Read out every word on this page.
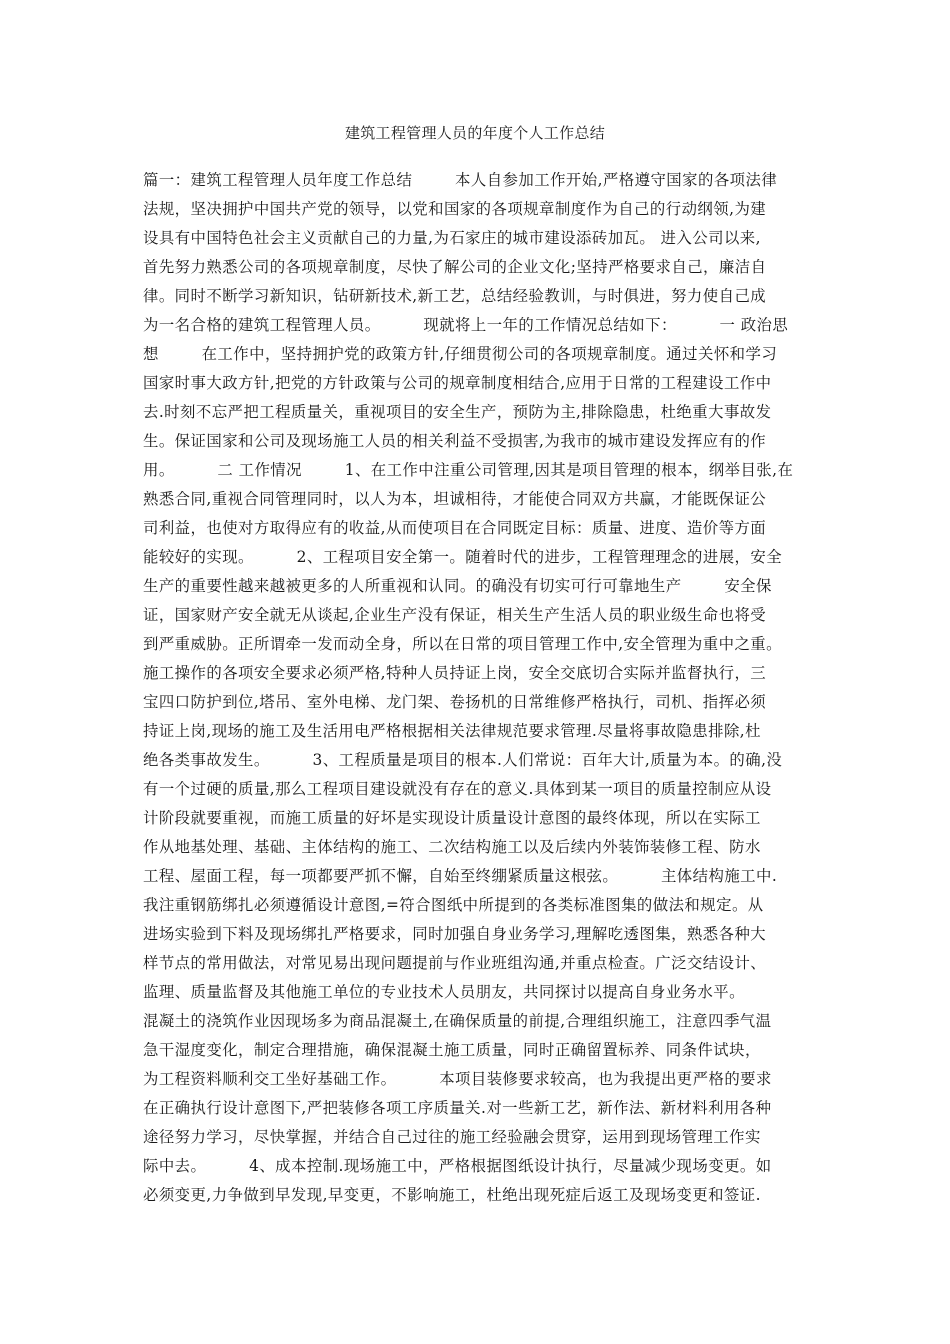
建筑工程管理人员的年度个人工作总结
篇一：建筑工程管理人员年度工作总结        本人自参加工作开始,严格遵守国家的各项法律
法规，坚决拥护中国共产党的领导，以党和国家的各项规章制度作为自己的行动纲领,为建
设具有中国特色社会主义贡献自己的力量,为石家庄的城市建设添砖加瓦。 进入公司以来,
首先努力熟悉公司的各项规章制度，尽快了解公司的企业文化;坚持严格要求自己，廉洁自
律。同时不断学习新知识，钻研新技术,新工艺，总结经验教训，与时俱进，努力使自己成
为一名合格的建筑工程管理人员。        现就将上一年的工作情况总结如下：        一 政治思
想        在工作中，坚持拥护党的政策方针,仔细贯彻公司的各项规章制度。通过关怀和学习
国家时事大政方针,把党的方针政策与公司的规章制度相结合,应用于日常的工程建设工作中
去.时刻不忘严把工程质量关，重视项目的安全生产，预防为主,排除隐患，杜绝重大事故发
生。保证国家和公司及现场施工人员的相关利益不受损害,为我市的城市建设发挥应有的作
用。        二 工作情况        1、在工作中注重公司管理,因其是项目管理的根本，纲举目张,在
熟悉合同,重视合同管理同时，以人为本，坦诚相待，才能使合同双方共赢，才能既保证公
司利益，也使对方取得应有的收益,从而使项目在合同既定目标：质量、进度、造价等方面
能较好的实现。        2、工程项目安全第一。随着时代的进步，工程管理理念的进展，安全
生产的重要性越来越被更多的人所重视和认同。的确没有切实可行可靠地生产        安全保
证，国家财产安全就无从谈起,企业生产没有保证，相关生产生活人员的职业级生命也将受
到严重威胁。正所谓牵一发而动全身，所以在日常的项目管理工作中,安全管理为重中之重。
施工操作的各项安全要求必须严格,特种人员持证上岗，安全交底切合实际并监督执行，三
宝四口防护到位,塔吊、室外电梯、龙门架、卷扬机的日常维修严格执行，司机、指挥必须
持证上岗,现场的施工及生活用电严格根据相关法律规范要求管理.尽量将事故隐患排除,杜
绝各类事故发生。        3、工程质量是项目的根本.人们常说：百年大计,质量为本。的确,没
有一个过硬的质量,那么工程项目建设就没有存在的意义.具体到某一项目的质量控制应从设
计阶段就要重视，而施工质量的好坏是实现设计质量设计意图的最终体现，所以在实际工
作从地基处理、基础、主体结构的施工、二次结构施工以及后续内外装饰装修工程、防水
工程、屋面工程，每一项都要严抓不懈，自始至终绷紧质量这根弦。        主体结构施工中.
我注重钢筋绑扎必须遵循设计意图,=符合图纸中所提到的各类标准图集的做法和规定。从
进场实验到下料及现场绑扎严格要求，同时加强自身业务学习,理解吃透图集，熟悉各种大
样节点的常用做法，对常见易出现问题提前与作业班组沟通,并重点检查。广泛交结设计、
监理、质量监督及其他施工单位的专业技术人员朋友，共同探讨以提高自身业务水平。
混凝土的浇筑作业因现场多为商品混凝土,在确保质量的前提,合理组织施工，注意四季气温
急干湿度变化，制定合理措施，确保混凝土施工质量，同时正确留置标养、同条件试块，
为工程资料顺利交工坐好基础工作。        本项目装修要求较高，也为我提出更严格的要求
在正确执行设计意图下,严把装修各项工序质量关.对一些新工艺，新作法、新材料利用各种
途径努力学习，尽快掌握，并结合自己过往的施工经验融会贯穿，运用到现场管理工作实
际中去。        4、成本控制.现场施工中，严格根据图纸设计执行，尽量减少现场变更。如
必须变更,力争做到早发现,早变更，不影响施工，杜绝出现死症后返工及现场变更和签证.
